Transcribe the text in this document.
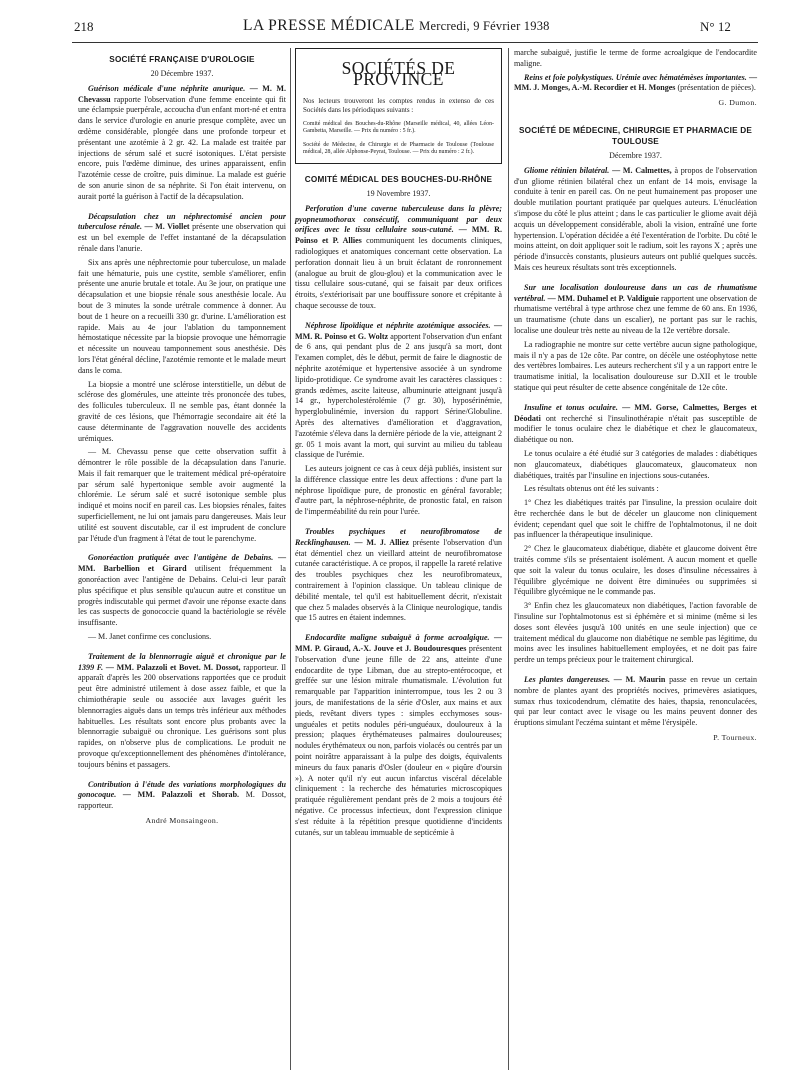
218	LA PRESSE MÉDICALE Mercredi, 9 Février 1938	N° 12
SOCIÉTÉ FRANÇAISE D'UROLOGIE
20 Décembre 1937.

Guérison médicale d'une néphrite anurique. — M. M. Chevassu rapporte l'observation d'une femme enceinte qui fit une éclampsie puerpérale, accoucha d'un enfant mort-né et entra dans le service d'urologie en anurie presque complète, avec un œdème considérable, plongée dans une profonde torpeur et présentant une azotémie à 2 gr. 42. La malade est traitée par injections de sérum salé et sucré isotoniques. L'état persiste encore, puis l'œdème diminue, des urines apparaissent, enfin l'azotémie cesse de croître, puis diminue. La malade est guérie de son anurie sinon de sa néphrite. Si l'on était intervenu, on aurait porté la guérison à l'actif de la décapsulation.

Décapsulation chez un néphrectomisé ancien pour tuberculose rénale. — M. Viollet présente une observation qui est un bel exemple de l'effet instantané de la décapsulation rénale dans l'anurie.

Six ans après une néphrectomie pour tuberculose, un malade fait une hématurie, puis une cystite, semble s'améliorer, enfin présente une anurie brutale et totale. Au 3e jour, on pratique une décapsulation et une biopsie rénale sous anesthésie locale. Au bout de 3 minutes la sonde urétrale commence à donner. Au bout de 1 heure on a recueilli 330 gr. d'urine. L'amélioration est rapide. Mais au 4e jour l'ablation du tamponnement hémostatique nécessite par la biopsie provoque une hémorragie et nécessite un nouveau tamponnement sous anesthésie. Dès lors l'état général décline, l'azotémie remonte et le malade meurt dans le coma.

La biopsie a montré une sclérose interstitielle, un début de sclérose des glomérules, une atteinte très prononcée des tubes, des follicules tuberculeux. Il ne semble pas, étant donnée la gravité de ces lésions, que l'hémorragie secondaire ait été la cause déterminante de l'aggravation nouvelle des accidents urémiques.

— M. Chevassu pense que cette observation suffit à démontrer le rôle possible de la décapsulation dans l'anurie. Mais il fait remarquer que le traitement médical pré-opératoire par sérum salé hypertonique semble avoir augmenté la chlorémie. Le sérum salé et sucré isotonique semble plus indiqué et moins nocif en pareil cas. Les biopsies rénales, faites superficiellement, ne lui ont jamais paru dangereuses. Mais leur utilité est souvent discutable, car il est imprudent de conclure par l'étude d'un fragment à l'état de tout le parenchyme.

Gonoréaction pratiquée avec l'antigène de Debains. — MM. Barbellion et Girard utilisent fréquemment la gonoréaction avec l'antigène de Debains. Celui-ci leur paraît plus spécifique et plus sensible qu'aucun autre et constitue un progrès indiscutable qui permet d'avoir une réponse exacte dans les cas suspects de gonococcie quand la bactériologie se révèle insuffisante.

— M. Janet confirme ces conclusions.

Traitement de la blennorragie aiguë et chronique par le 1399 F. — MM. Palazzoli et Bovet. M. Dossot, rapporteur. Il apparaît d'après les 200 observations rapportées que ce produit peut être administré utilement à dose assez faible, et que la chimiothérapie seule ou associée aux lavages guérit les blennorragies aiguës dans un temps très inférieur aux méthodes habituelles. Les résultats sont encore plus probants avec la blennorragie subaiguë ou chronique. Les guérisons sont plus rapides, on n'observe plus de complications. Le produit ne provoque qu'exceptionnellement des phénomènes d'intolérance, toujours bénins et passagers.

Contribution à l'étude des variations morphologiques du gonocoque. — MM. Palazzoli et Shorab. M. Dossot, rapporteur.

André Monsaingeon.
SOCIÉTÉS DE PROVINCE
Nos lecteurs trouveront les comptes rendus in extenso de ces Sociétés dans les périodiques suivants :
Comité médical des Bouches-du-Rhône (Marseille médical, 40, allées Léon-Gambetta, Marseille. — Prix du numéro : 5 fr.).
Société de Médecine, de Chirurgie et de Pharmacie de Toulouse (Toulouse médical, 28, allée Alphonse-Peyrat, Toulouse. — Prix du numéro : 2 fr.).
COMITÉ MÉDICAL DES BOUCHES-DU-RHÔNE
19 Novembre 1937.

Perforation d'une caverne tuberculeuse dans la plèvre; pyopneumothorax consécutif, communiquant par deux orifices avec le tissu cellulaire sous-cutané. — MM. R. Poinso et P. Allies communiquent les documents cliniques, radiologiques et anatomiques concernant cette observation. La perforation donnait lieu à un bruit éclatant de ronronnement (analogue au bruit de glou-glou) et la communication avec le tissu cellulaire sous-cutané, qui se faisait par deux orifices étroits, s'extériorisait par une bouffissure sonore et crépitante à chaque secousse de toux.

Néphrose lipoïdique et néphrite azotémique associées. — MM. R. Poinso et G. Woltz apportent l'observation d'un enfant de 6 ans, qui pendant plus de 2 ans jusqu'à sa mort, dont l'examen complet, dès le début, permit de faire le diagnostic de néphrite azotémique et hypertensive associée à un syndrome lipido-protidique. Ce syndrome avait les caractères classiques : grands œdèmes, ascite laiteuse, albuminurie atteignant jusqu'à 14 gr., hypercholestérolémie (7 gr. 30), hyposérinémie, hyperglobulinémie, inversion du rapport Sérine/Globuline. Après des alternatives d'amélioration et d'aggravation, l'azotémie s'éleva dans la dernière période de la vie, atteignant 2 gr. 05 1 mois avant la mort, qui survint au milieu du tableau classique de l'urémie.

Les auteurs joignent ce cas à ceux déjà publiés, insistent sur la différence classique entre les deux affections : d'une part la néphrose lipoïdique pure, de pronostic en général favorable; d'autre part, la néphrose-néphrite, de pronostic fatal, en raison de l'imperméabilité du rein pour l'urée.

Troubles psychiques et neurofibromatose de Recklinghausen. — M. J. Alliez présente l'observation d'un état démentiel chez un vieillard atteint de neurofibromatose cutanée caractéristique. A ce propos, il rappelle la rareté relative des troubles psychiques chez les neurofibromateux, contrairement à l'opinion classique. Un tableau clinique de débilité mentale, tel qu'il est habituellement décrit, n'existait que chez 5 malades observés à la Clinique neurologique, tandis que 15 autres en étaient indemnes.

Endocardite maligne subaiguë à forme acroalgique. — MM. P. Giraud, A.-X. Jouve et J. Boudouresques présentent l'observation d'une jeune fille de 22 ans, atteinte d'une endocardite de type Libman, due au strepto-entérocoque, et greffée sur une lésion mitrale rhumatismale. L'évolution fut remarquable par l'apparition ininterrompue, tous les 2 ou 3 jours, de manifestations de la série d'Osler, aux mains et aux pieds, revêtant divers types : simples ecchymoses sous-unguéales et petits nodules péri-unguéaux, douloureux à la pression; plaques érythémateuses palmaires douloureuses; nodules érythémateux ou non, parfois violacés ou centrés par un point noirâtre apparaissant à la pulpe des doigts, équivalents mineurs du faux panaris d'Osler (douleur en « piqûre d'oursin »). A noter qu'il n'y eut aucun infarctus viscéral décelable cliniquement : la recherche des hématuries microscopiques pratiquée régulièrement pendant près de 2 mois a toujours été négative. Ce processus infectieux, dont l'expression clinique s'est réduite à la répétition presque quotidienne d'incidents cutanés, sur un tableau immuable de septicémie à

marche subaiguë, justifie le terme de forme acroalgique de l'endocardite maligne.

Reins et foie polykystiques. Urémie avec hématémèses importantes. — MM. J. Monges, A.-M. Recordier et H. Monges (présentation de pièces).

G. Dumon.
SOCIÉTÉ DE MÉDECINE, CHIRURGIE ET PHARMACIE DE TOULOUSE
Décembre 1937.

Gliome rétinien bilatéral. — M. Calmettes, à propos de l'observation d'un gliome rétinien bilatéral chez un enfant de 14 mois, envisage la conduite à tenir en pareil cas. On ne peut humainement pas proposer une double mutilation pourtant pratiquée par quelques auteurs. L'énucléation s'impose du côté le plus atteint ; dans le cas particulier le gliome avait déjà acquis un développement considérable, aboli la vision, entraîné une forte hypertension. L'opération décidée a été l'exentération de l'orbite. Du côté le moins atteint, on doit appliquer soit le radium, soit les rayons X ; après une période d'insuccès constants, plusieurs auteurs ont publié quelques succès. Mais ces heureux résultats sont très exceptionnels.

Sur une localisation douloureuse dans un cas de rhumatisme vertébral. — MM. Duhamel et P. Valdiguie rapportent une observation de rhumatisme vertébral à type arthrose chez une femme de 60 ans. En 1936, un traumatisme (chute dans un escalier), ne portant pas sur le rachis, localise une douleur très nette au niveau de la 12e vertèbre dorsale.

La radiographie ne montre sur cette vertèbre aucun signe pathologique, mais il n'y a pas de 12e côte. Par contre, on décèle une ostéophytose nette des vertèbres lombaires. Les auteurs recherchent s'il y a un rapport entre le traumatisme initial, la localisation douloureuse sur D.XII et le trouble statique qui peut résulter de cette absence congénitale de 12e côte.

Insuline et tonus oculaire. — MM. Gorse, Calmettes, Berges et Déodati ont recherché si l'insulinothérapie n'était pas susceptible de modifier le tonus oculaire chez le diabétique et chez le glaucomateux, diabétique ou non.

Le tonus oculaire a été étudié sur 3 catégories de malades : diabétiques non glaucomateux, diabétiques glaucomateux, glaucomateux non diabétiques, traités par l'insuline en injections sous-cutanées.

Les résultats obtenus ont été les suivants :

1° Chez les diabétiques traités par l'insuline, la pression oculaire doit être recherchée dans le but de déceler un glaucome non cliniquement évident; cependant quel que soit le chiffre de l'ophtalmotonus, il ne doit pas influencer la thérapeutique insulinique.

2° Chez le glaucomateux diabétique, diabète et glaucome doivent être traités comme s'ils se présentaient isolément. A aucun moment et quelle que soit la valeur du tonus oculaire, les doses d'insuline nécessaires à l'équilibre glycémique ne doivent être diminuées ou supprimées si l'équilibre glycémique ne le commande pas.

3° Enfin chez les glaucomateux non diabétiques, l'action favorable de l'insuline sur l'ophtalmotonus est si éphémère et si minime (même si les doses sont élevées jusqu'à 100 unités en une seule injection) que ce traitement médical du glaucome non diabétique ne semble pas légitime, du moins avec les insulines habituellement employées, et ne doit pas faire perdre un temps précieux pour le traitement chirurgical.

Les plantes dangereuses. — M. Maurin passe en revue un certain nombre de plantes ayant des propriétés nocives, primevères asiatiques, sumax rhus toxicodendrum, clématite des haies, thapsia, renonculacées, qui par leur contact avec le visage ou les mains peuvent donner des éruptions simulant l'eczéma suintant et même l'érysipèle.

P. Tourneux.
